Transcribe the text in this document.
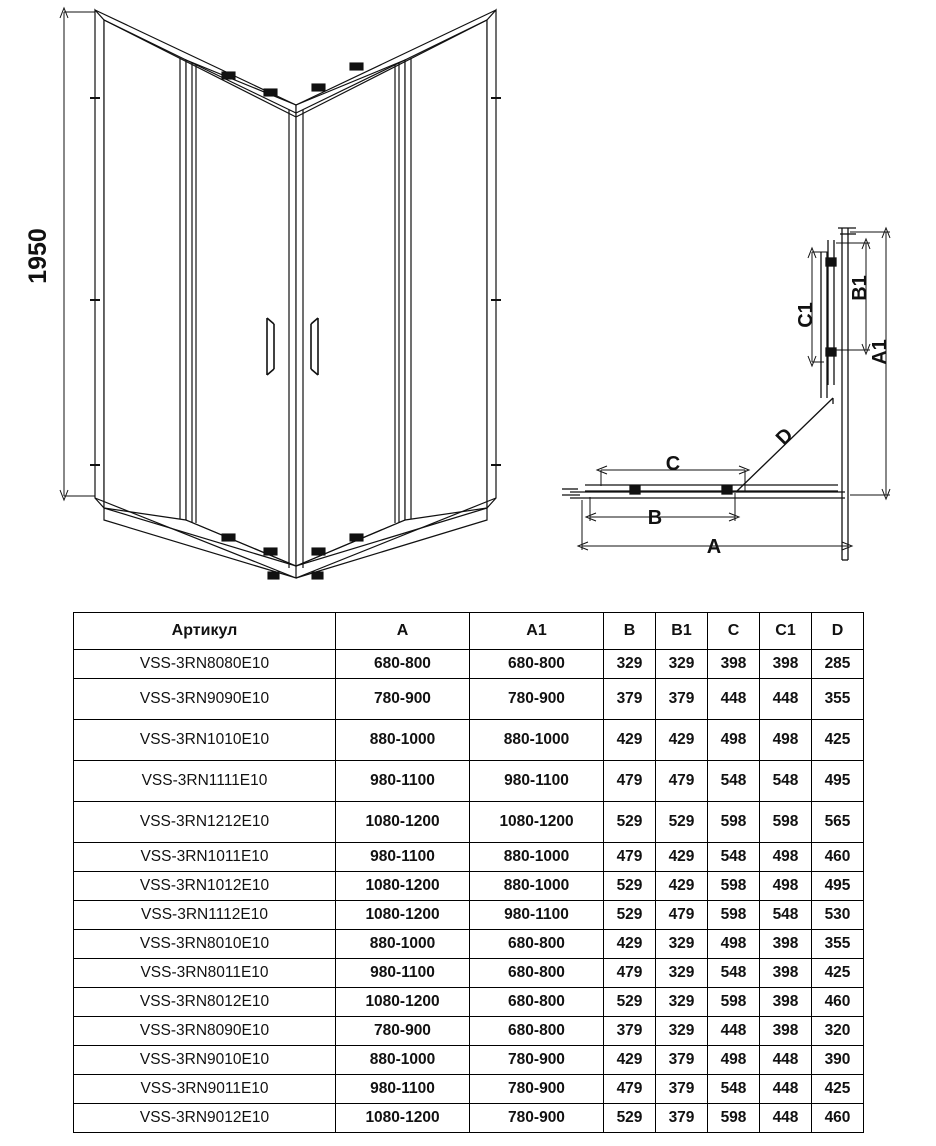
1950
A
B
C
D
A1
B1
C1
Артикул	A	A1	B	B1	C	C1	D
VSS-3RN8080E10	680-800	680-800	329	329	398	398	285
VSS-3RN9090E10	780-900	780-900	379	379	448	448	355
VSS-3RN1010E10	880-1000	880-1000	429	429	498	498	425
VSS-3RN1111E10	980-1100	980-1100	479	479	548	548	495
VSS-3RN1212E10	1080-1200	1080-1200	529	529	598	598	565
VSS-3RN1011E10	980-1100	880-1000	479	429	548	498	460
VSS-3RN1012E10	1080-1200	880-1000	529	429	598	498	495
VSS-3RN1112E10	1080-1200	980-1100	529	479	598	548	530
VSS-3RN8010E10	880-1000	680-800	429	329	498	398	355
VSS-3RN8011E10	980-1100	680-800	479	329	548	398	425
VSS-3RN8012E10	1080-1200	680-800	529	329	598	398	460
VSS-3RN8090E10	780-900	680-800	379	329	448	398	320
VSS-3RN9010E10	880-1000	780-900	429	379	498	448	390
VSS-3RN9011E10	980-1100	780-900	479	379	548	448	425
VSS-3RN9012E10	1080-1200	780-900	529	379	598	448	460
